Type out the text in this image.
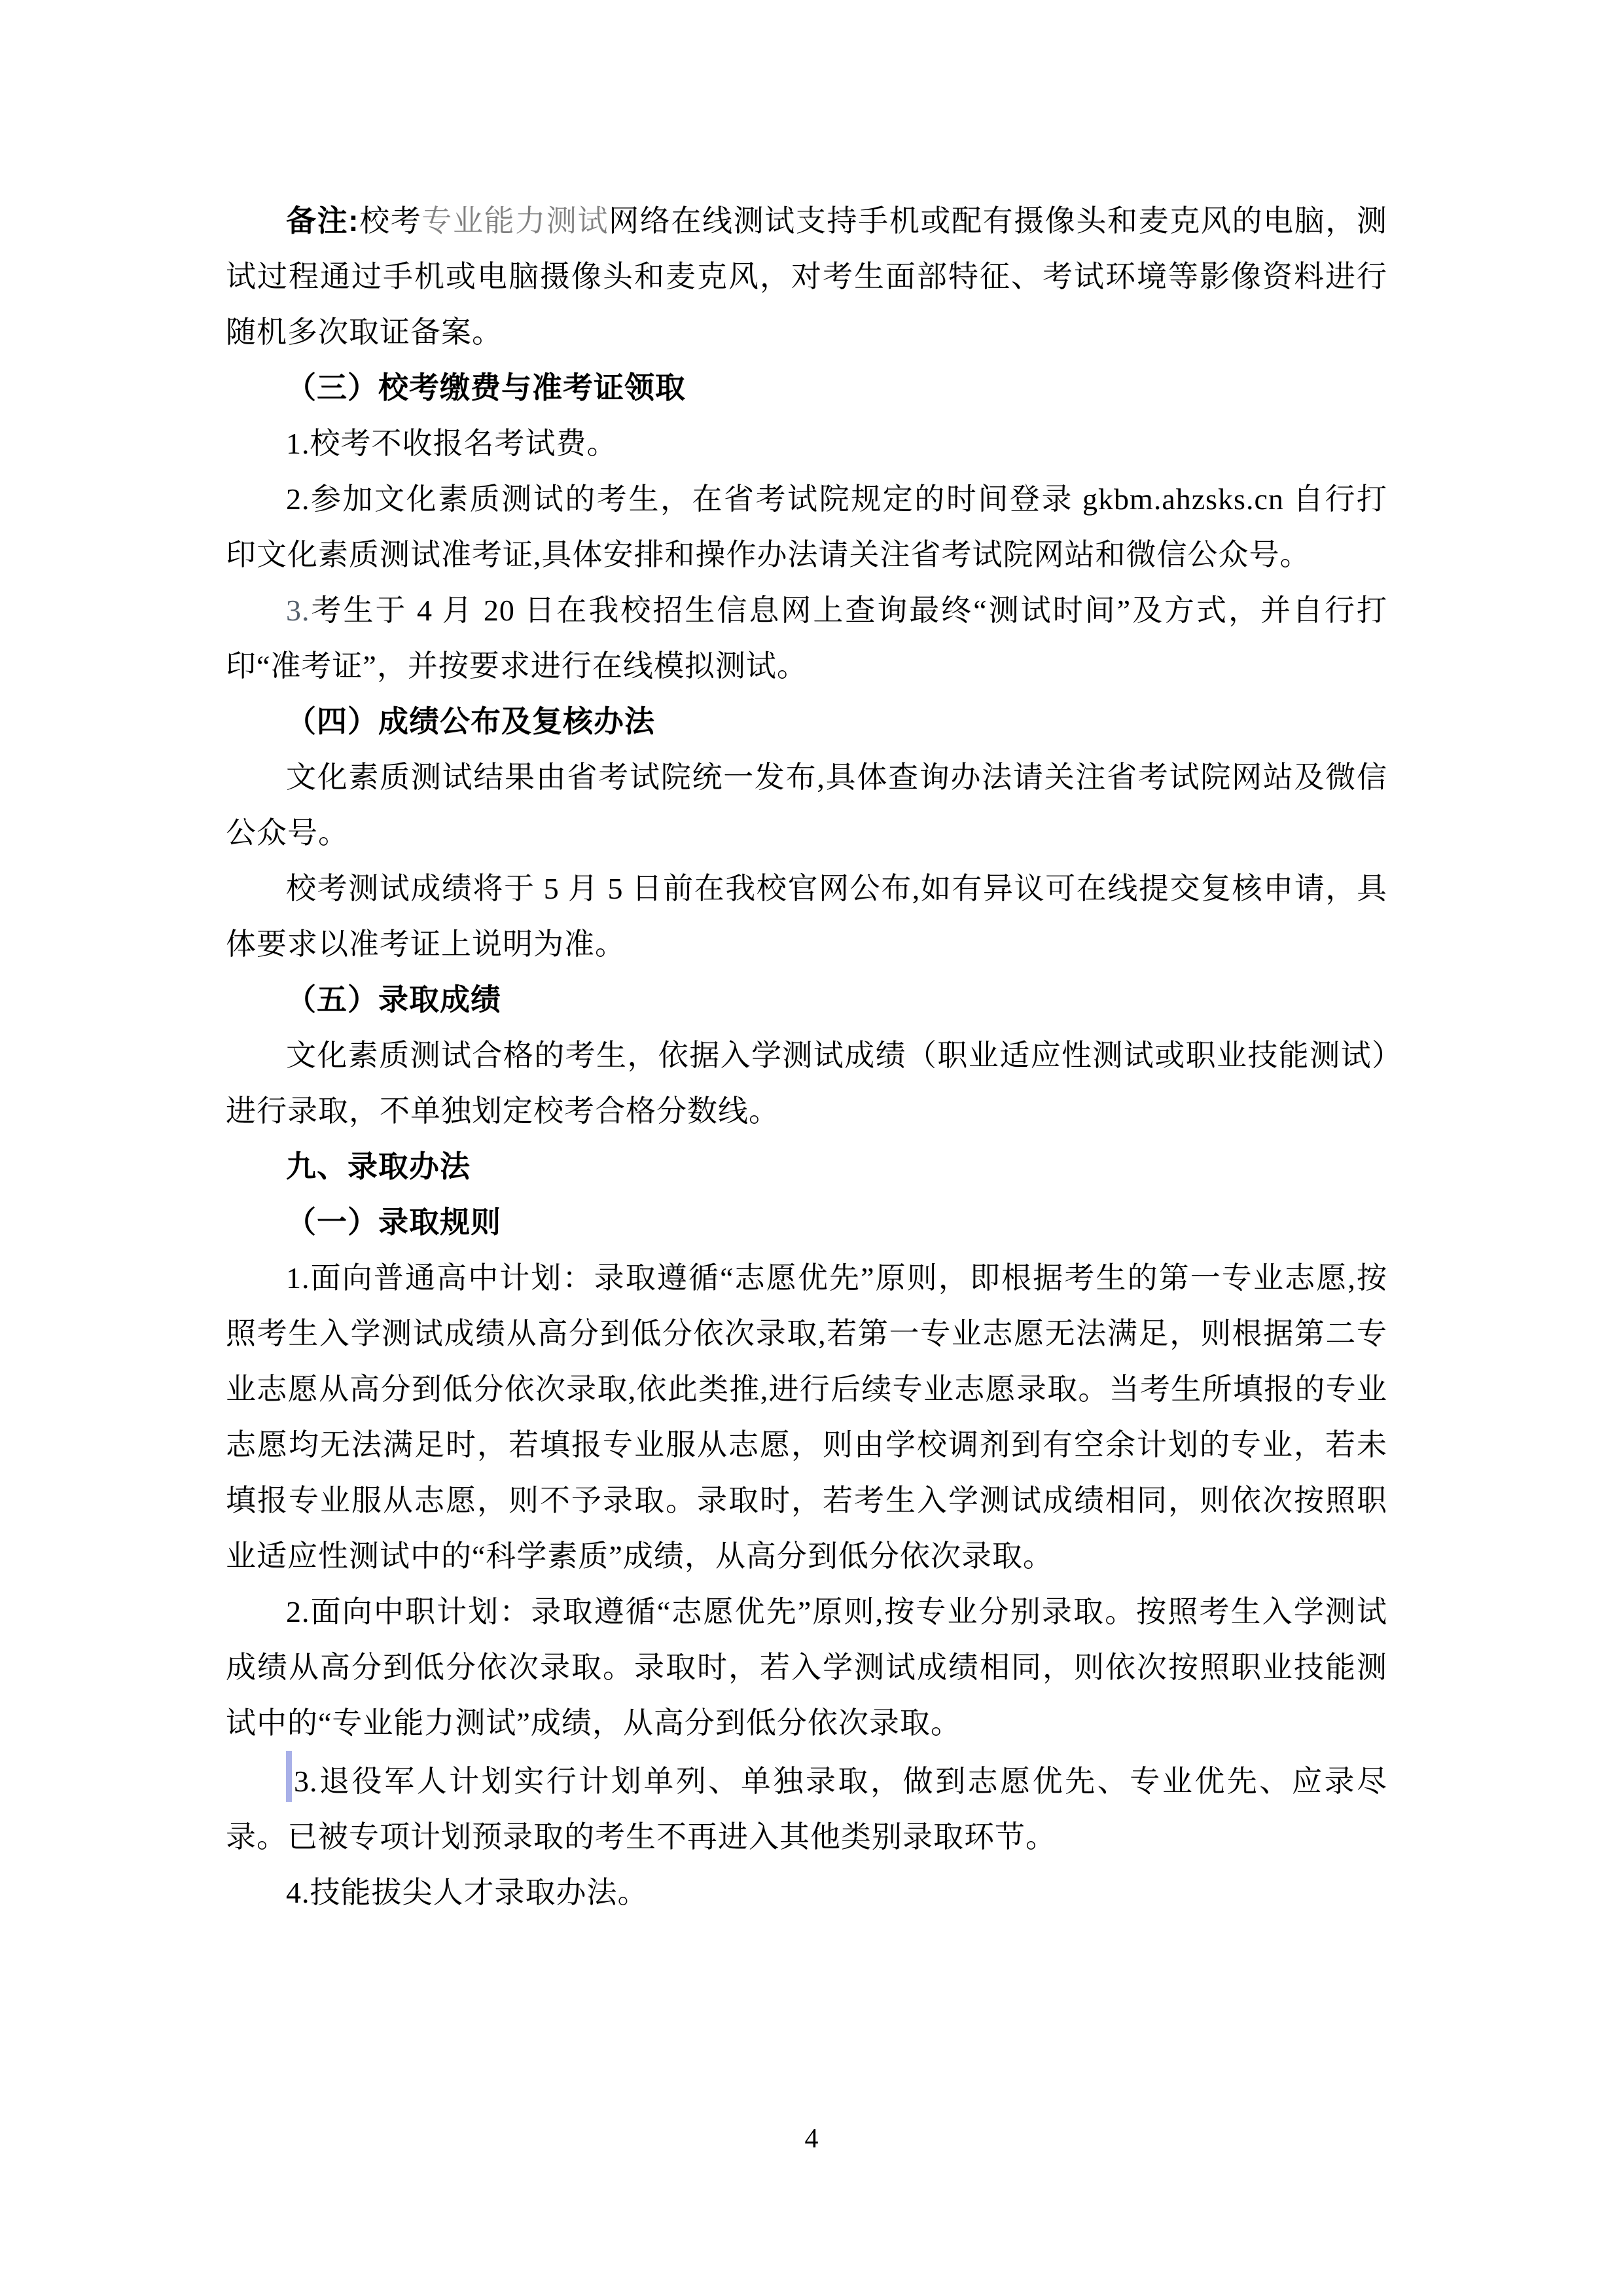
备注:校考专业能力测试网络在线测试支持手机或配有摄像头和麦克风的电脑，测试过程通过手机或电脑摄像头和麦克风，对考生面部特征、考试环境等影像资料进行随机多次取证备案。

（三）校考缴费与准考证领取

1.校考不收报名考试费。

2.参加文化素质测试的考生，在省考试院规定的时间登录 gkbm.ahzsks.cn 自行打印文化素质测试准考证,具体安排和操作办法请关注省考试院网站和微信公众号。

3.考生于 4 月 20 日在我校招生信息网上查询最终“测试时间”及方式，并自行打印“准考证”，并按要求进行在线模拟测试。

（四）成绩公布及复核办法

文化素质测试结果由省考试院统一发布,具体查询办法请关注省考试院网站及微信公众号。

校考测试成绩将于 5 月 5 日前在我校官网公布,如有异议可在线提交复核申请，具体要求以准考证上说明为准。

（五）录取成绩

文化素质测试合格的考生，依据入学测试成绩（职业适应性测试或职业技能测试）进行录取，不单独划定校考合格分数线。

九、录取办法

（一）录取规则

1.面向普通高中计划：录取遵循“志愿优先”原则，即根据考生的第一专业志愿,按照考生入学测试成绩从高分到低分依次录取,若第一专业志愿无法满足，则根据第二专业志愿从高分到低分依次录取,依此类推,进行后续专业志愿录取。当考生所填报的专业志愿均无法满足时，若填报专业服从志愿，则由学校调剂到有空余计划的专业，若未填报专业服从志愿，则不予录取。录取时，若考生入学测试成绩相同，则依次按照职业适应性测试中的“科学素质”成绩，从高分到低分依次录取。

2.面向中职计划：录取遵循“志愿优先”原则,按专业分别录取。按照考生入学测试成绩从高分到低分依次录取。录取时，若入学测试成绩相同，则依次按照职业技能测试中的“专业能力测试”成绩，从高分到低分依次录取。

3.退役军人计划实行计划单列、单独录取，做到志愿优先、专业优先、应录尽录。已被专项计划预录取的考生不再进入其他类别录取环节。

4.技能拔尖人才录取办法。

4
